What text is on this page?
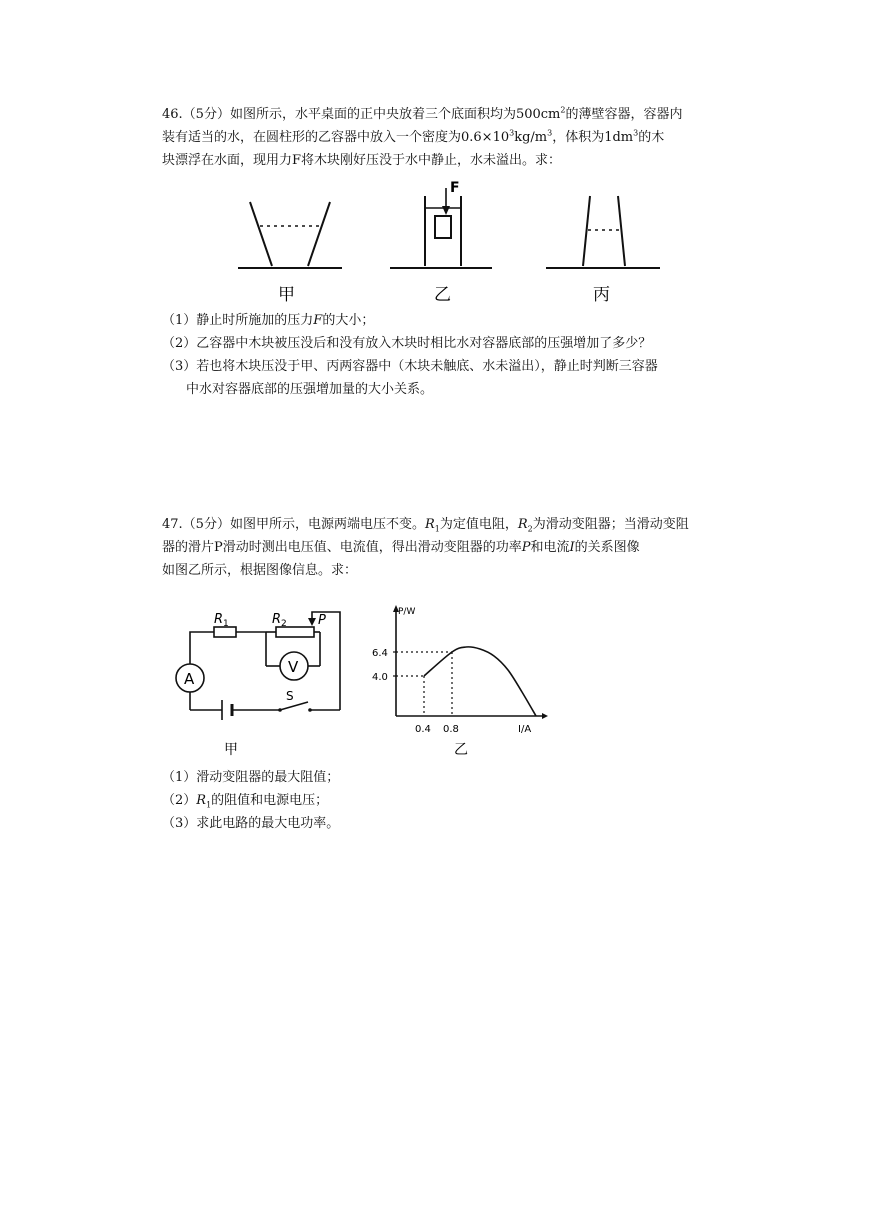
46.（5分）如图所示，水平桌面的正中央放着三个底面积均为$500cm^2$的薄壁容器，容器内

装有适当的水，在圆柱形的乙容器中放入一个密度为$0.6\times 10^3kg/m^3$，体积为$1dm^3$的木

块漂浮在水面，现用力F将木块刚好压没于水中静止，水未溢出。求：

甲
F
乙	丙

（1）静止时所施加的压力F的大小；

（2）乙容器中木块被压没后和没有放入木块时相比水对容器底部的压强增加了多少？

（3）若也将木块压没于甲、丙两容器中（木块未触底、水未溢出），静止时判断三容器

中水对容器底部的压强增加量的大小关系。

47.（5分）如图甲所示，电源两端电压不变。$R_1$为定值电阻，$R_2$为滑动变阻器；当滑动变阻

器的滑片P滑动时测出电压值、电流值，得出滑动变阻器的功率P和电流I的关系图像

如图乙所示，根据图像信息。求：

A
V
$R_1$	$R_2$ P
S
甲
4.0
6.4
0.4 0.8
P/W
I/A
乙

（1）滑动变阻器的最大阻值；

$(2)R_1$的阻值和电源电压；

（3）求此电路的最大电功率。
